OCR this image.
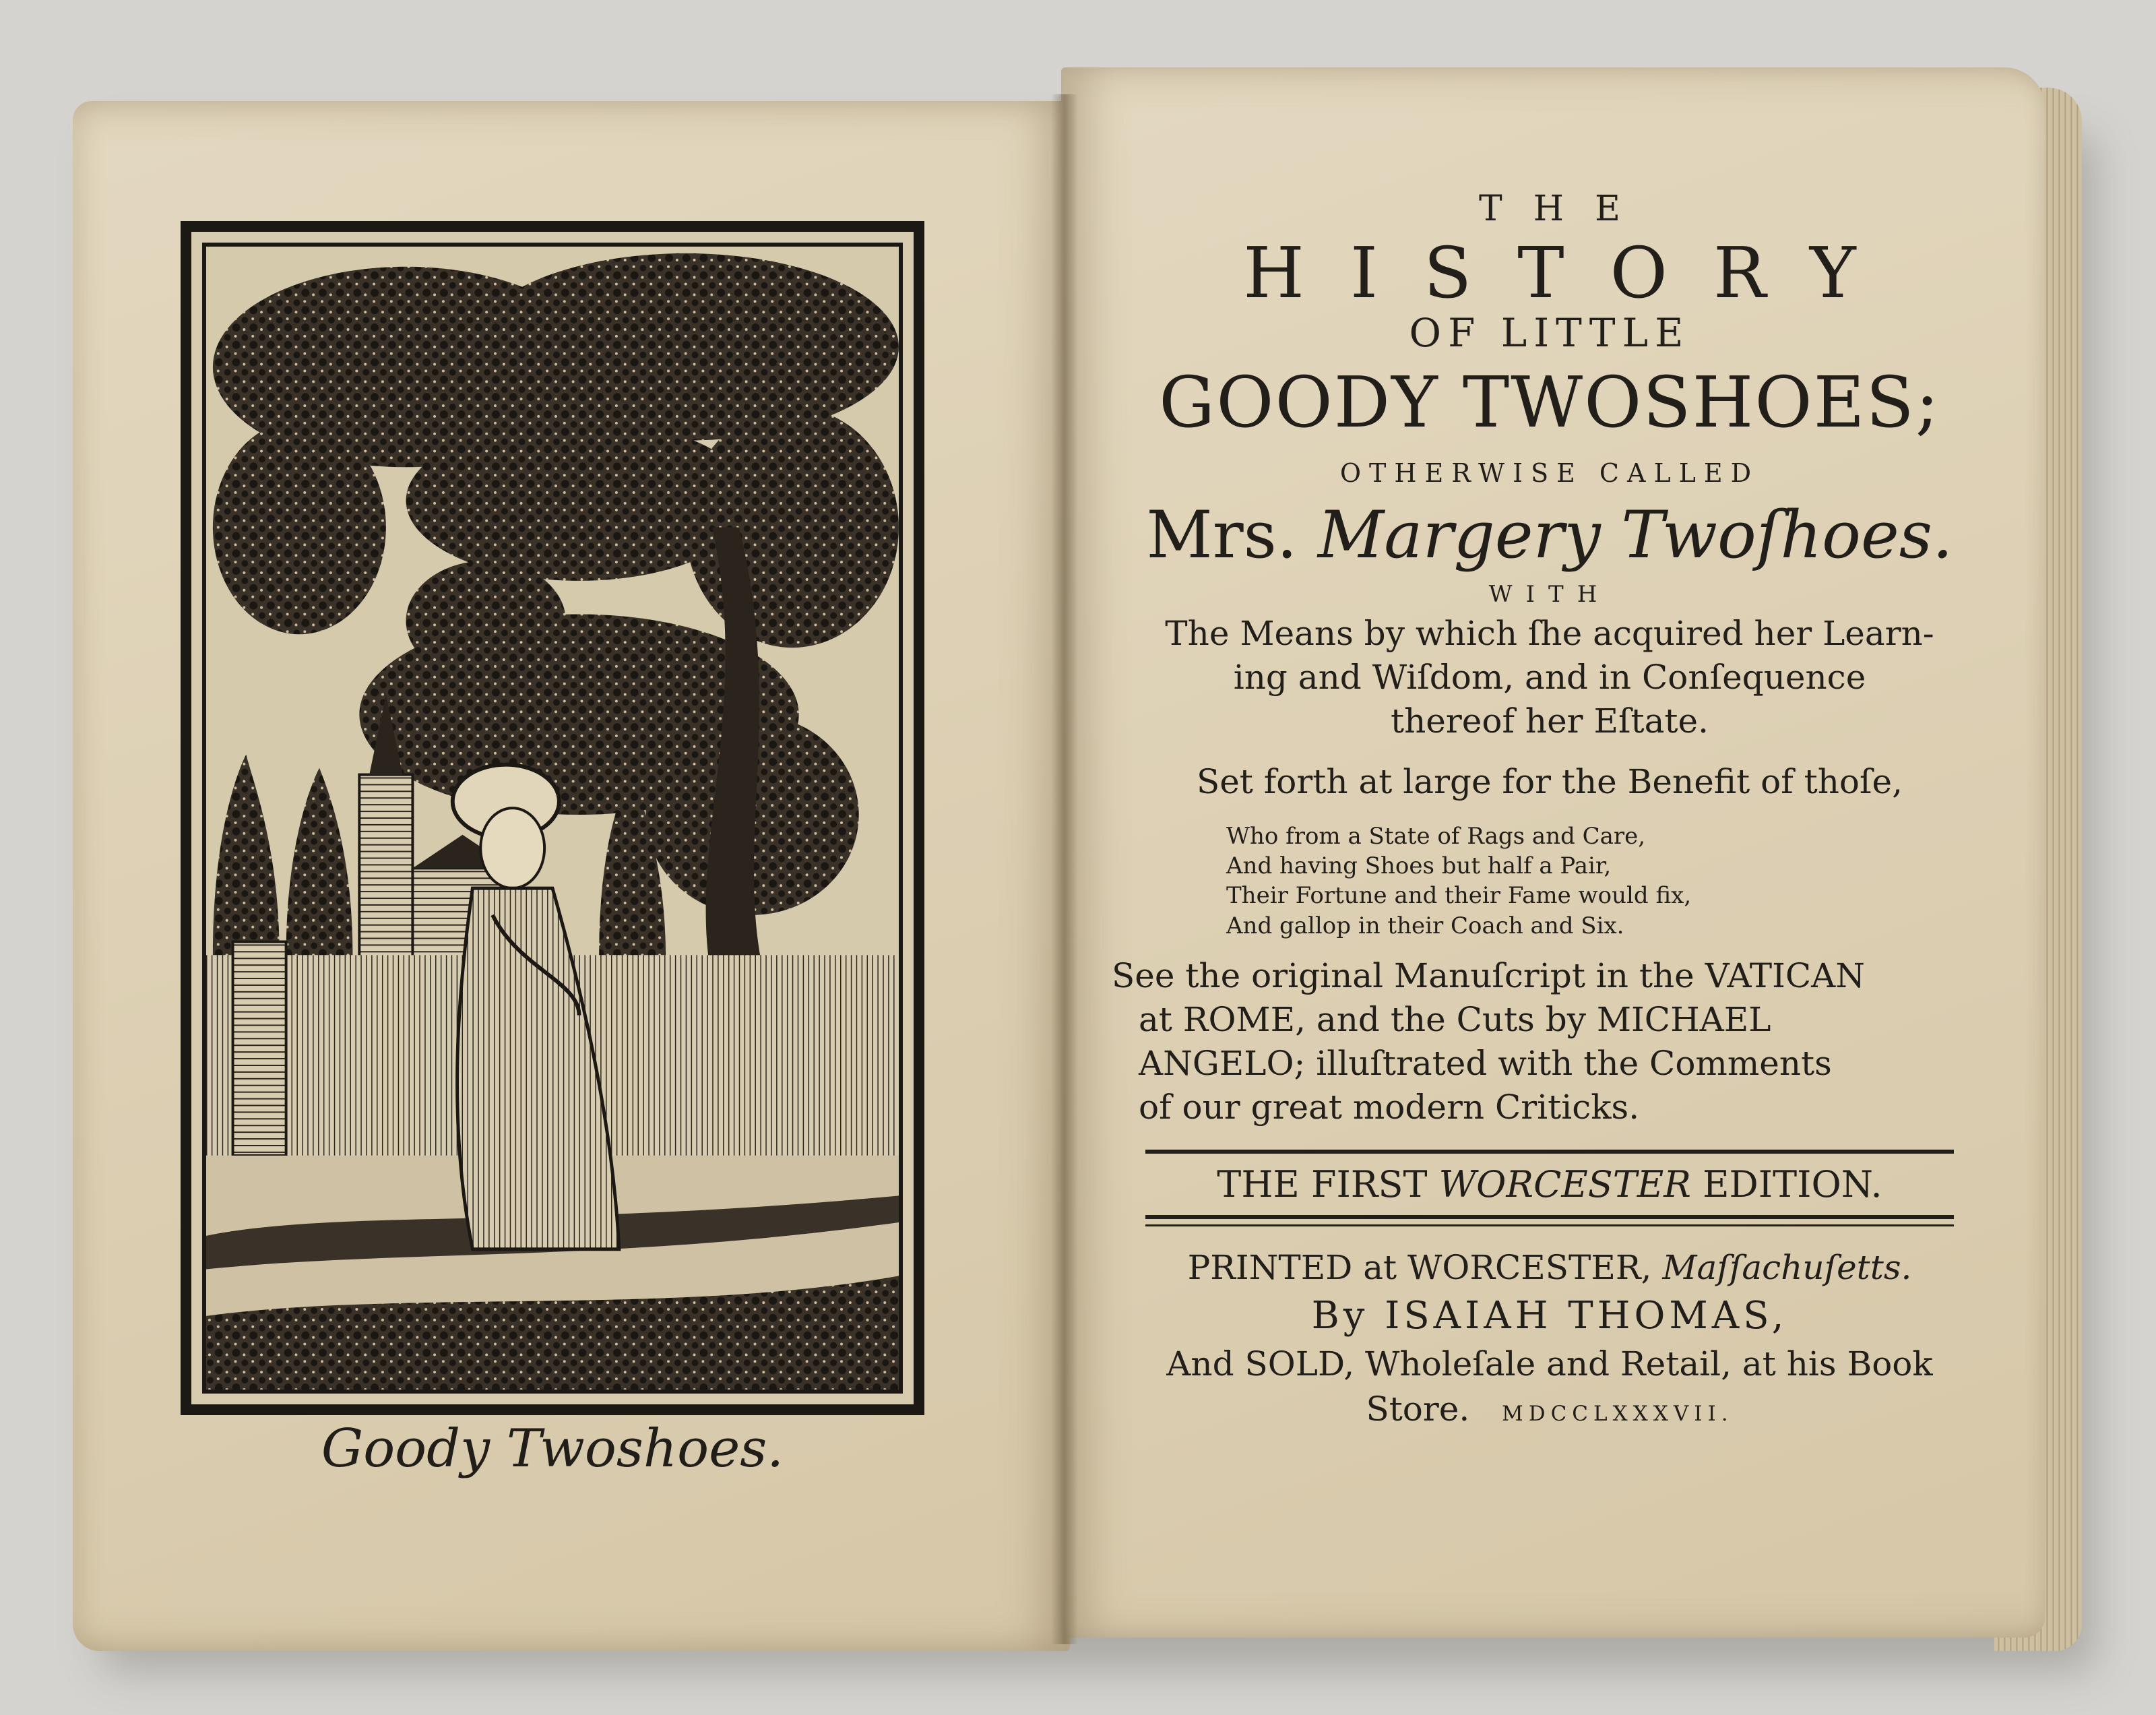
Goody Twoshoes.
THE
HISTORY
OF LITTLE
GOODY TWOSHOES;
OTHERWISE CALLED
Mrs. Margery Twoſhoes.
WITH
The Means by which ſhe acquired her Learn-
ing and Wiſdom, and in Conſequence
thereof her Eſtate.
Set forth at large for the Benefit of thoſe,
Who from a State of Rags and Care,
And having Shoes but half a Pair,
Their Fortune and their Fame would fix,
And gallop in their Coach and Six.
See the original Manuſcript in the VATICAN
at ROME, and the Cuts by MICHAEL
ANGELO; illuſtrated with the Comments
of our great modern Criticks.
THE FIRST WORCESTER EDITION.
PRINTED at WORCESTER, Maſſachuſetts.
By ISAIAH THOMAS,
And SOLD, Wholeſale and Retail, at his Book
Store. MDCCLXXXVII.
